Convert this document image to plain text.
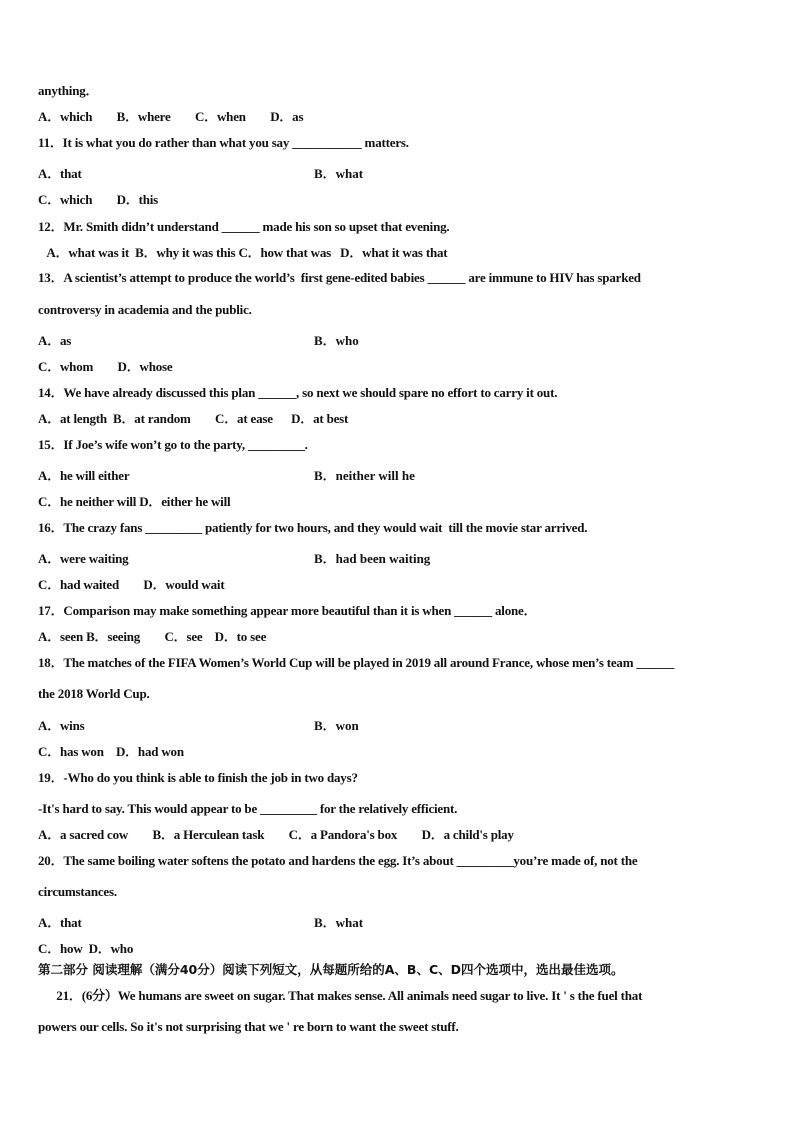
anything．
A．which        B．where        C．when        D．as
11．It is what you do rather than what you say ___________ matters.
A．that	B．what
C．which        D．this
12．Mr. Smith didn’t understand ______ made his son so upset that evening.
A．what was it  B．why it was this C．how that was   D．what it was that
13．A scientist’s attempt to produce the world’s  first gene-edited babies ______ are immune to HIV has sparked
controversy in academia and the public.
A．as	B．who
C．whom        D．whose
14．We have already discussed this plan ______, so next we should spare no effort to carry it out.
A．at length  B．at random        C．at ease      D．at best
15．If Joe’s wife won’t go to the party, _________.
A．he will either	B．neither will he
C．he neither will D．either he will
16．The crazy fans _________ patiently for two hours, and they would wait  till the movie star arrived.
A．were waiting	B．had been waiting
C．had waited        D．would wait
17．Comparison may make something appear more beautiful than it is when ______ alone．
A．seen B．seeing        C．see    D．to see
18．The matches of the FIFA Women’s World Cup will be played in 2019 all around France, whose men’s team ______
the 2018 World Cup.
A．wins	B．won
C．has won    D．had won
19．-Who do you think is able to finish the job in two days?
-It's hard to say. This would appear to be _________ for the relatively efficient.
A．a sacred cow        B．a Herculean task        C．a Pandora's box        D．a child's play
20．The same boiling water softens the potato and hardens the egg. It’s about _________you’re made of, not the
circumstances.
A．that	B．what
C．how  D．who
第二部分 阅读理解（满分40分）阅读下列短文，从每题所给的A、B、C、D四个选项中，选出最佳选项。
21．(6分）We humans are sweet on sugar. That makes sense. All animals need sugar to live. It ' s the fuel that
powers our cells. So it's not surprising that we ' re born to want the sweet stuff.
